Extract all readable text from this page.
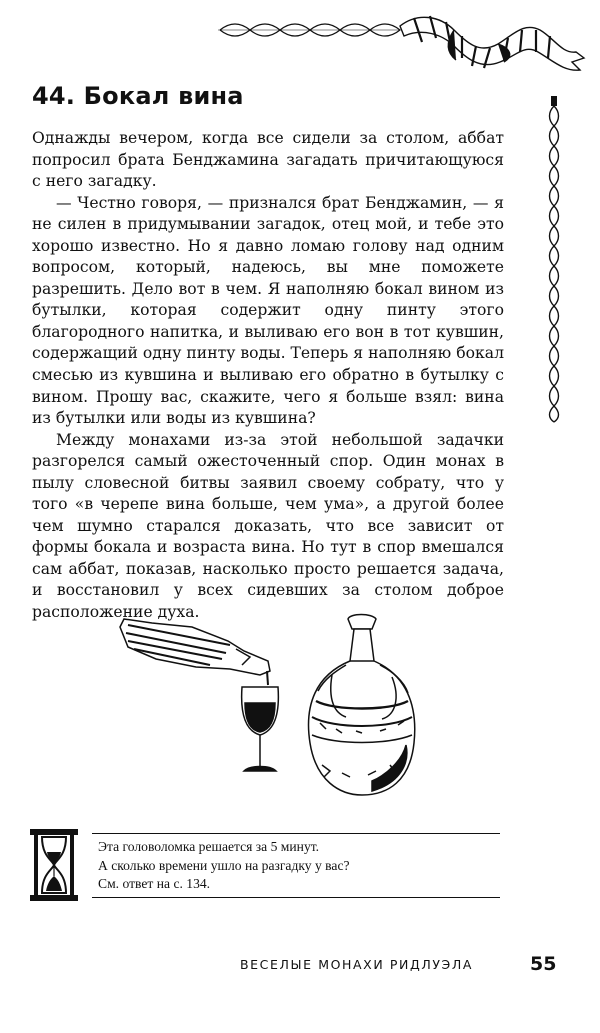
44. Бокал вина

Однажды вечером, когда все сидели за столом, аббат попросил брата Бенджамина загадать причитающуюся с него загадку.

— Честно говоря, — признался брат Бенджамин, — я не силен в придумывании загадок, отец мой, и тебе это хорошо известно. Но я давно ломаю голову над одним вопросом, который, надеюсь, вы мне поможете разрешить. Дело вот в чем. Я наполняю бокал вином из бутылки, которая содержит одну пинту этого благородного напитка, и выливаю его вон в тот кувшин, содержащий одну пинту воды. Теперь я наполняю бокал смесью из кувшина и выливаю его обратно в бутылку с вином. Прошу вас, скажите, чего я больше взял: вина из бутылки или воды из кувшина?

Между монахами из-за этой небольшой задачки разгорелся самый ожесточенный спор. Один монах в пылу словесной битвы заявил своему собрату, что у того «в черепе вина больше, чем ума», а другой более чем шумно старался доказать, что все зависит от формы бокала и возраста вина. Но тут в спор вмешался сам аббат, показав, насколько просто решается задача, и восстановил у всех сидевших за столом доброе расположение духа.

Эта головоломка решается за 5 минут.
А сколько времени ушло на разгадку у вас?
См. ответ на с. 134.
ВЕСЕЛЫЕ МОНАХИ РИДЛУЭЛА	55
